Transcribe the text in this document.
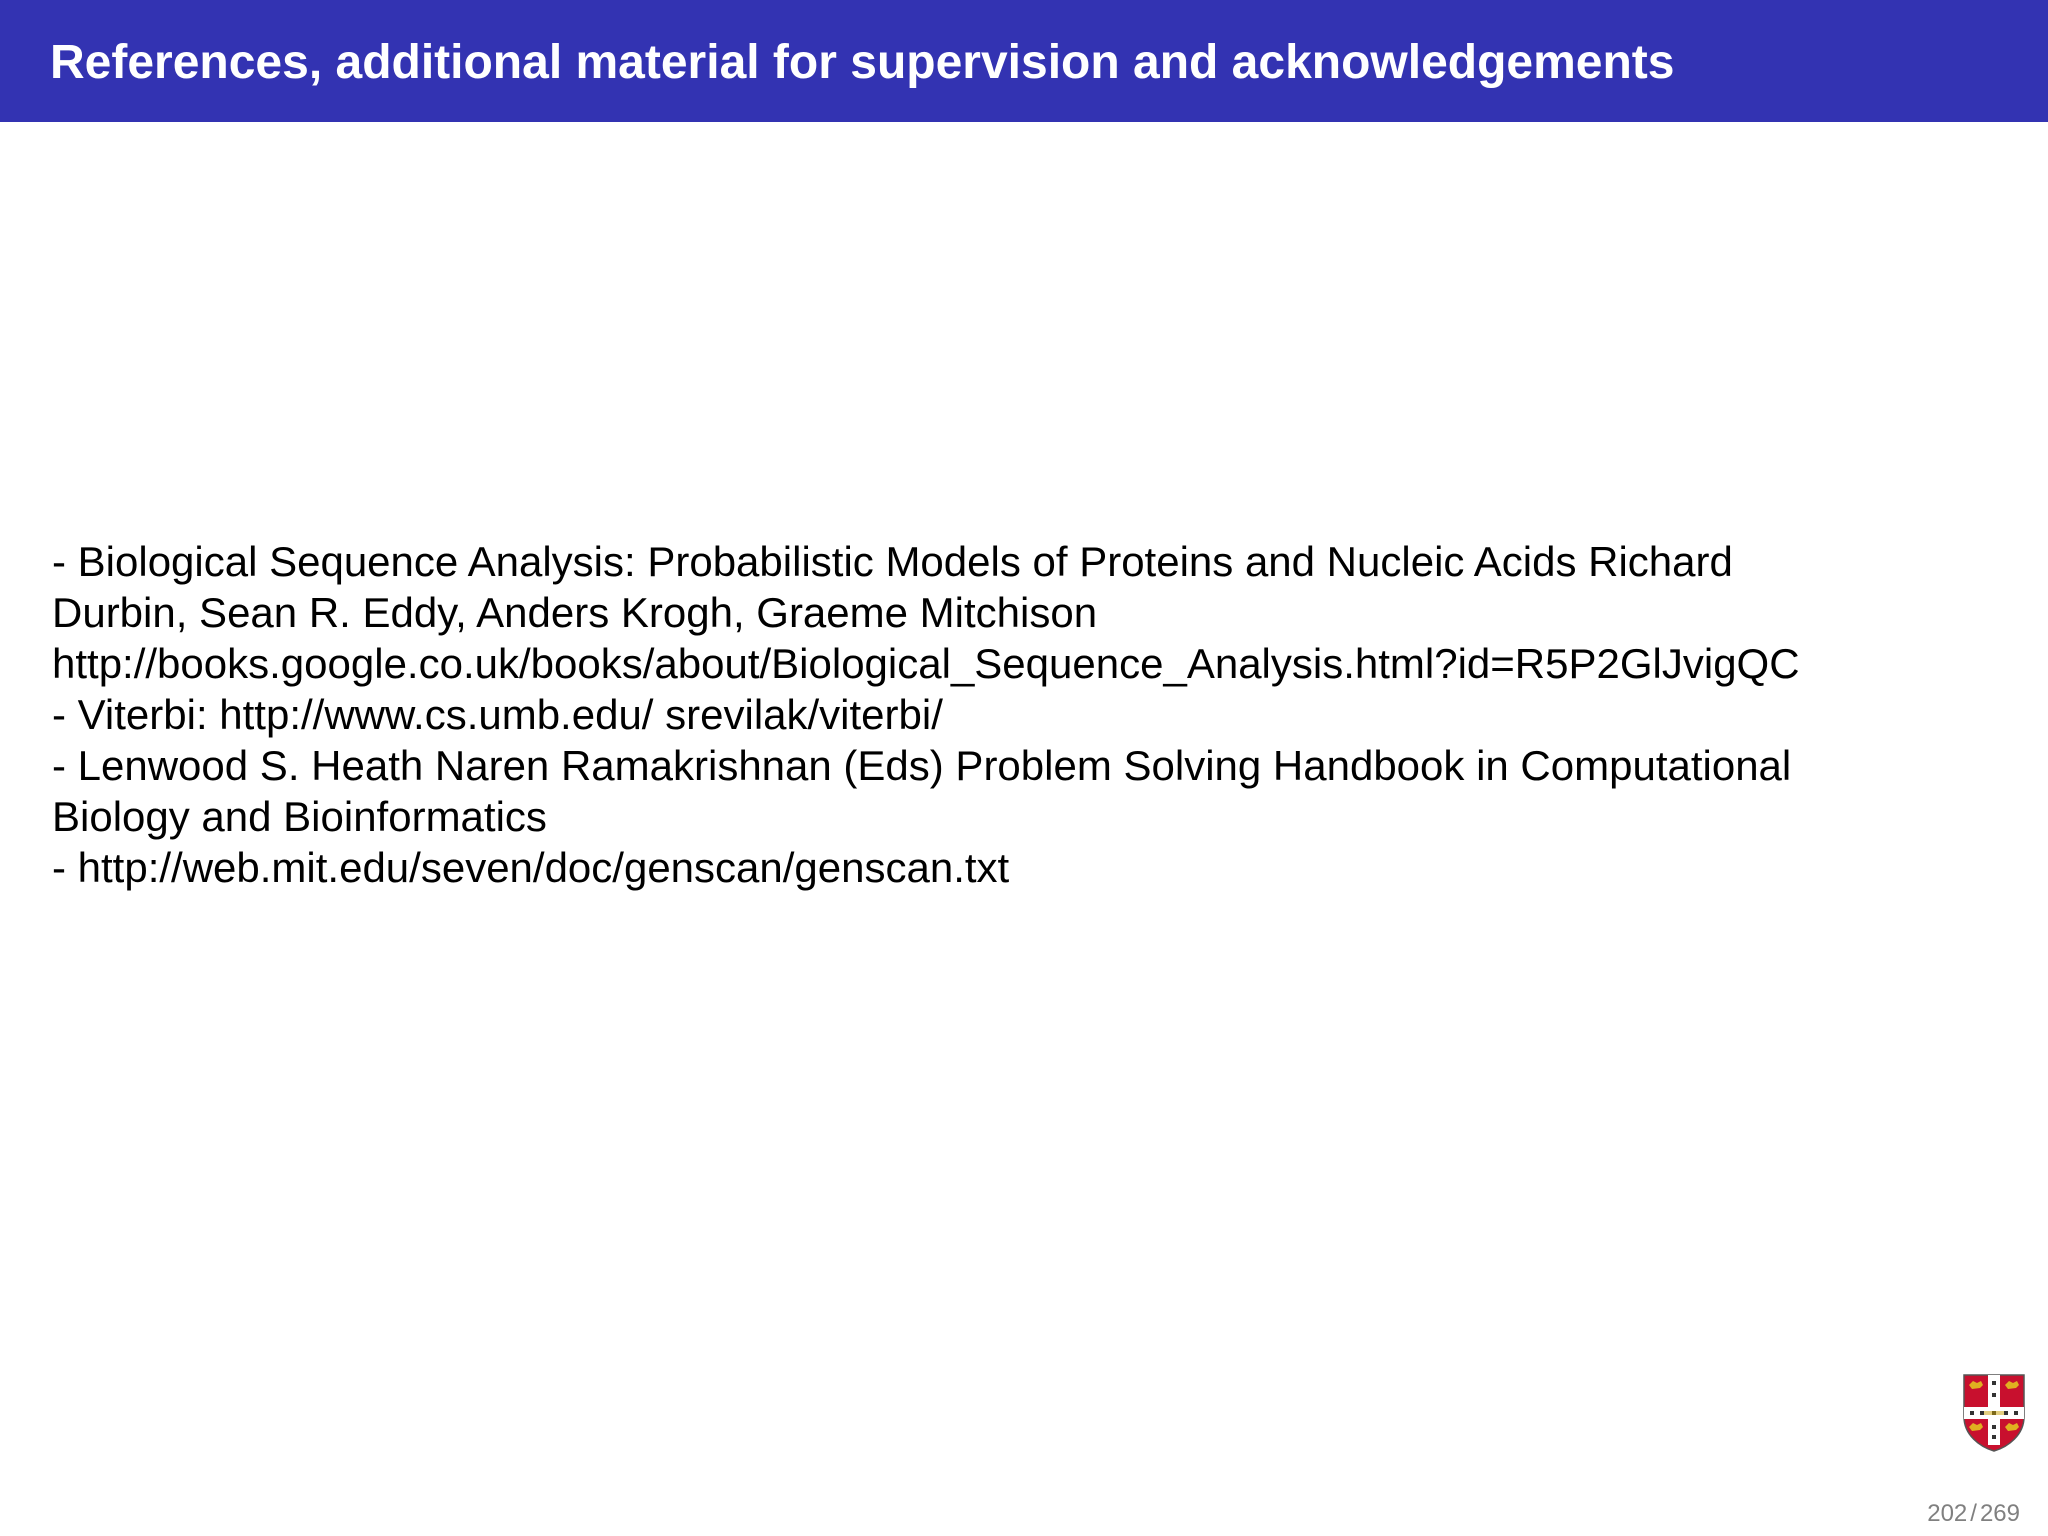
References, additional material for supervision and acknowledgements
- Biological Sequence Analysis: Probabilistic Models of Proteins and Nucleic Acids Richard
Durbin, Sean R. Eddy, Anders Krogh, Graeme Mitchison
http://books.google.co.uk/books/about/Biological_Sequence_Analysis.html?id=R5P2GlJvigQC
- Viterbi: http://www.cs.umb.edu/ srevilak/viterbi/
- Lenwood S. Heath Naren Ramakrishnan (Eds) Problem Solving Handbook in Computational
Biology and Bioinformatics
- http://web.mit.edu/seven/doc/genscan/genscan.txt
202 / 269
